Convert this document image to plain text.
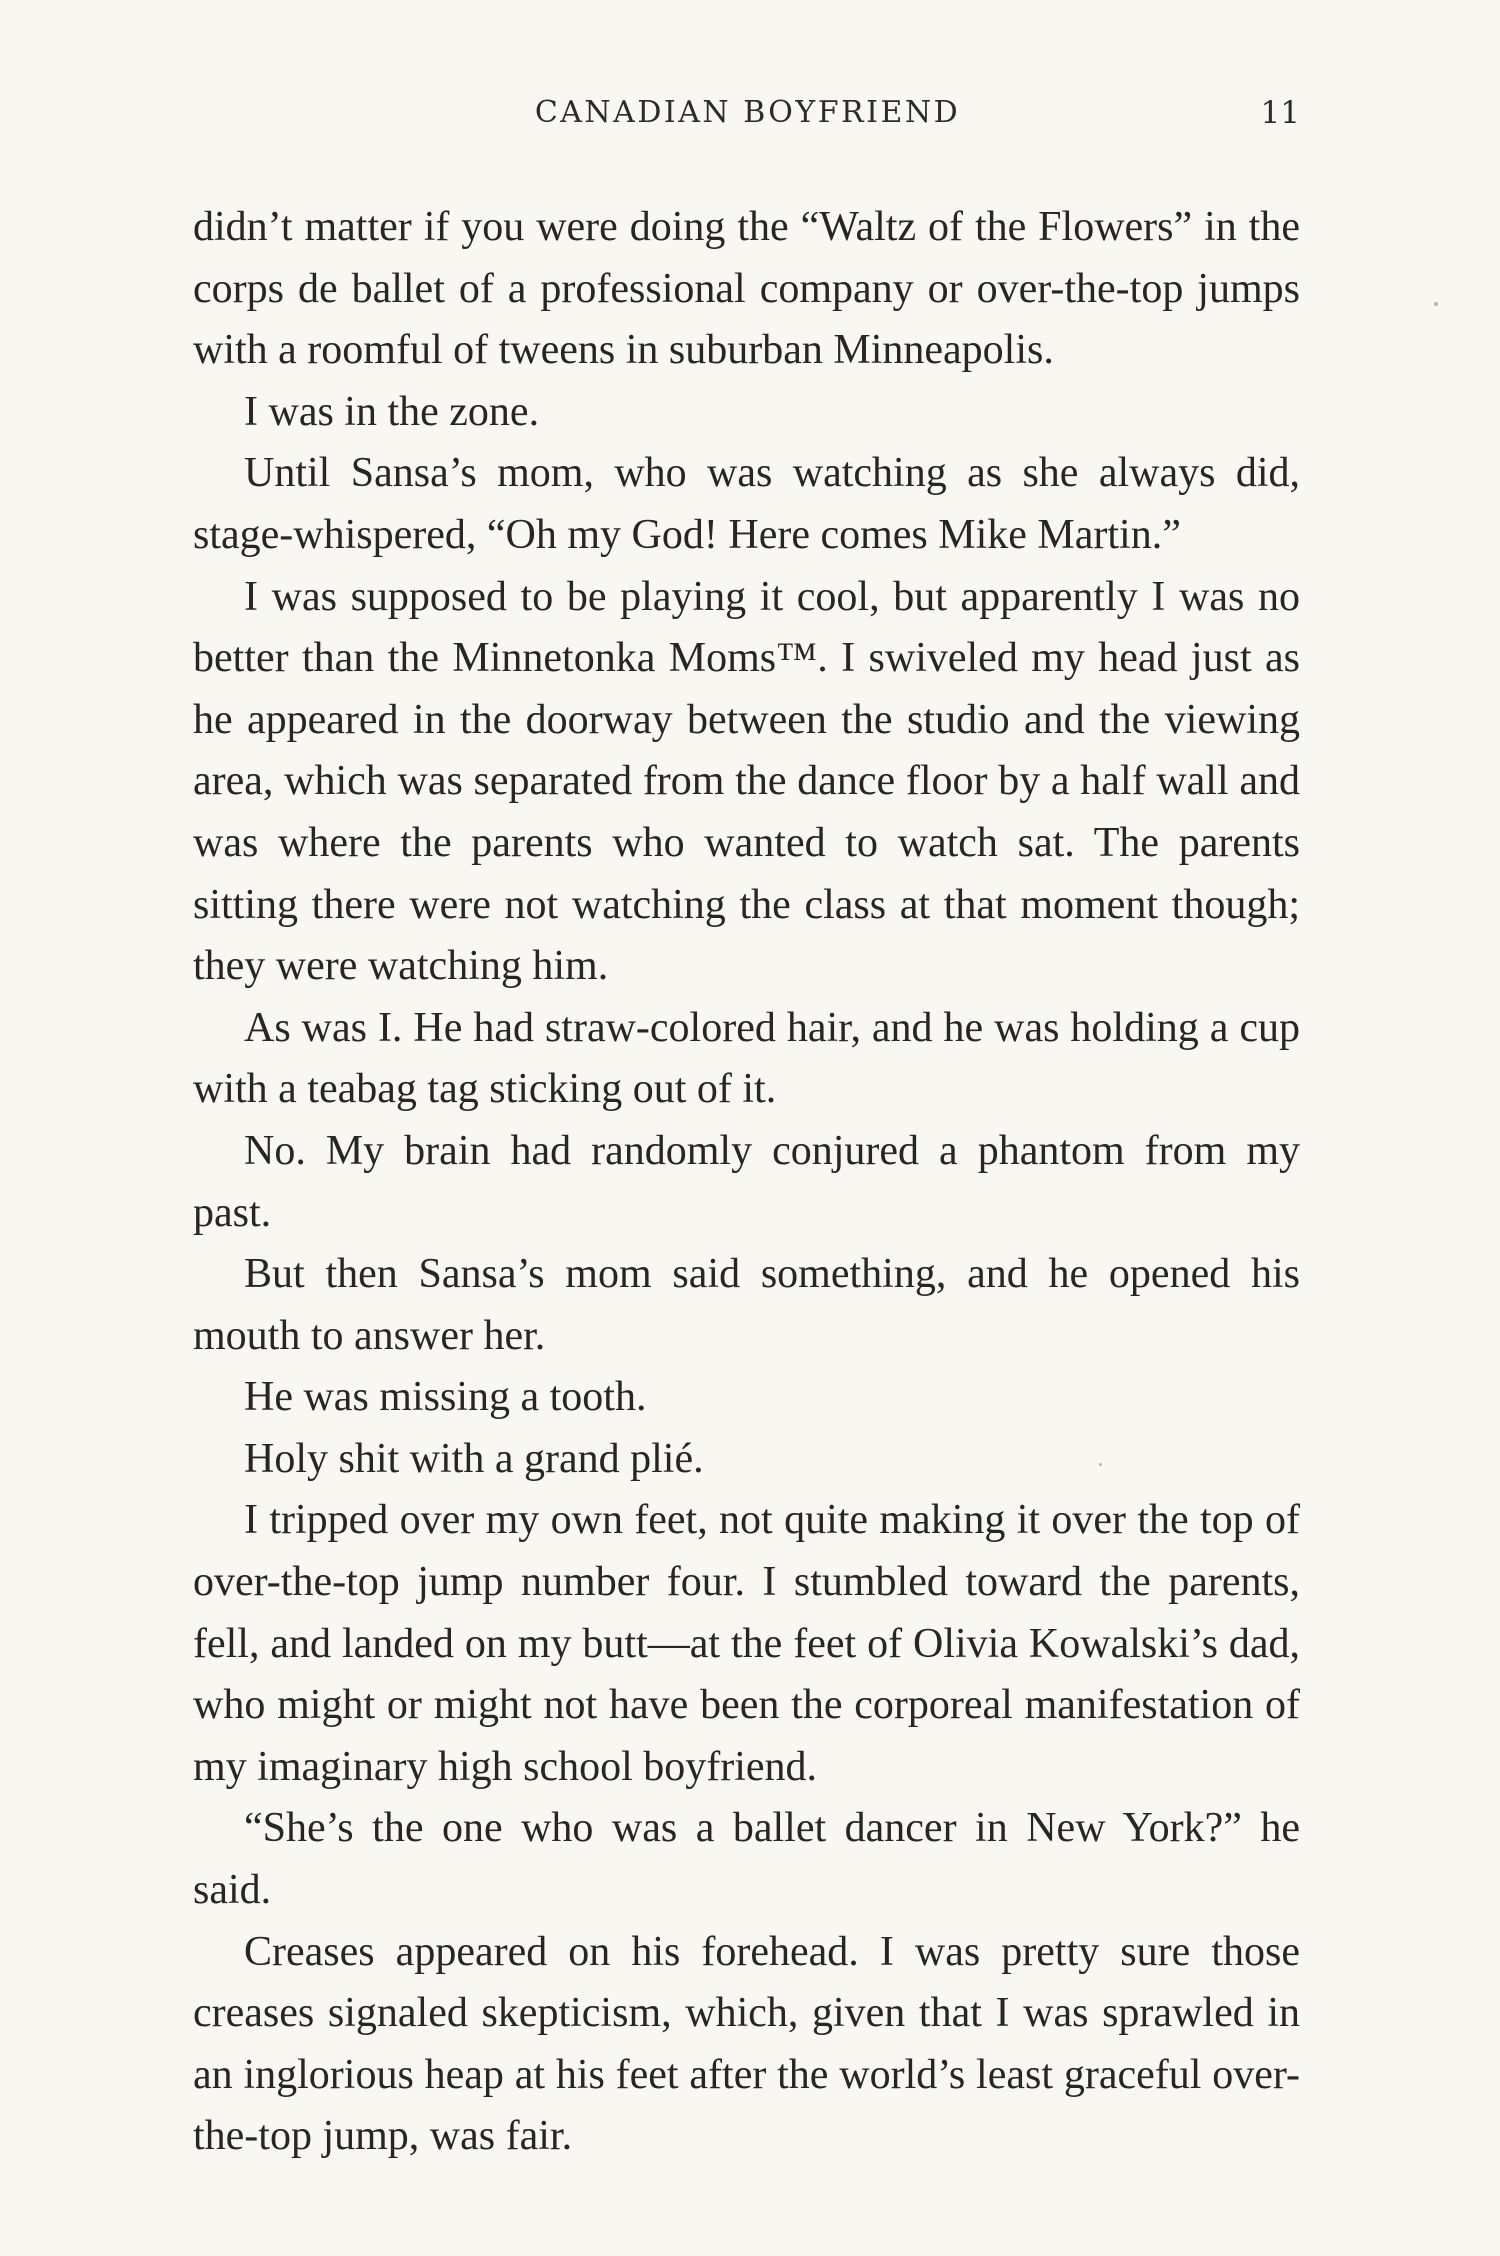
CANADIAN BOYFRIEND	11

didn’t matter if you were doing the “Waltz of the Flowers” in the corps de ballet of a professional company or over-the-top jumps with a roomful of tweens in suburban Minneapolis.

I was in the zone.

Until Sansa’s mom, who was watching as she always did, stage-whispered, “Oh my God! Here comes Mike Martin.”

I was supposed to be playing it cool, but apparently I was no better than the Minnetonka Moms™. I swiveled my head just as he appeared in the doorway between the studio and the viewing area, which was separated from the dance floor by a half wall and was where the parents who wanted to watch sat. The parents sitting there were not watching the class at that moment though; they were watching him.

As was I. He had straw-colored hair, and he was holding a cup with a teabag tag sticking out of it.

No. My brain had randomly conjured a phantom from my past.

But then Sansa’s mom said something, and he opened his mouth to answer her.

He was missing a tooth.

Holy shit with a grand plié.

I tripped over my own feet, not quite making it over the top of over-the-top jump number four. I stumbled toward the parents, fell, and landed on my butt—at the feet of Olivia Kowalski’s dad, who might or might not have been the corporeal manifestation of my imaginary high school boyfriend.

“She’s the one who was a ballet dancer in New York?” he said.

Creases appeared on his forehead. I was pretty sure those creases signaled skepticism, which, given that I was sprawled in an inglorious heap at his feet after the world’s least graceful over-the-top jump, was fair.
